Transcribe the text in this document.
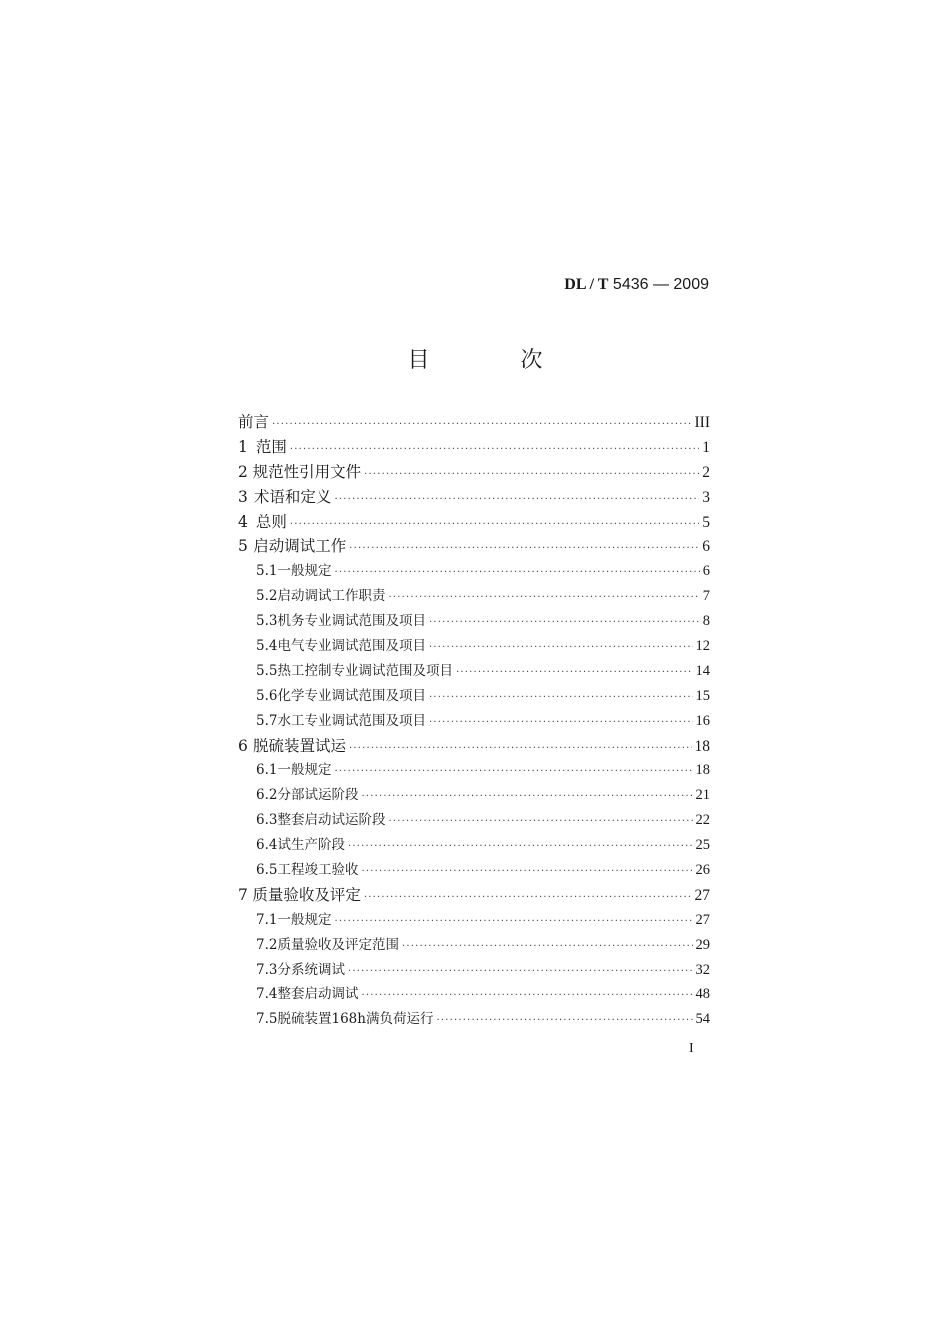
DL / T 5436 — 2009
目 次
前言 ·····	III
1 范围 ·····	1
2 规范性引用文件 ·····	2
3 术语和定义 ·····	3
4 总则 ·····	5
5 启动调试工作 ·····	6
5.1 一般规定 ·····	6
5.2 启动调试工作职责 ·····	7
5.3 机务专业调试范围及项目 ·····	8
5.4 电气专业调试范围及项目 ·····	12
5.5 热工控制专业调试范围及项目 ·····	14
5.6 化学专业调试范围及项目 ·····	15
5.7 水工专业调试范围及项目 ·····	16
6 脱硫装置试运 ·····	18
6.1 一般规定 ·····	18
6.2 分部试运阶段 ·····	21
6.3 整套启动试运阶段 ·····	22
6.4 试生产阶段 ·····	25
6.5 工程竣工验收 ·····	26
7 质量验收及评定 ·····	27
7.1 一般规定 ·····	27
7.2 质量验收及评定范围 ·····	29
7.3 分系统调试 ·····	32
7.4 整套启动调试 ·····	48
7.5 脱硫装置168h满负荷运行 ·····	54
I
